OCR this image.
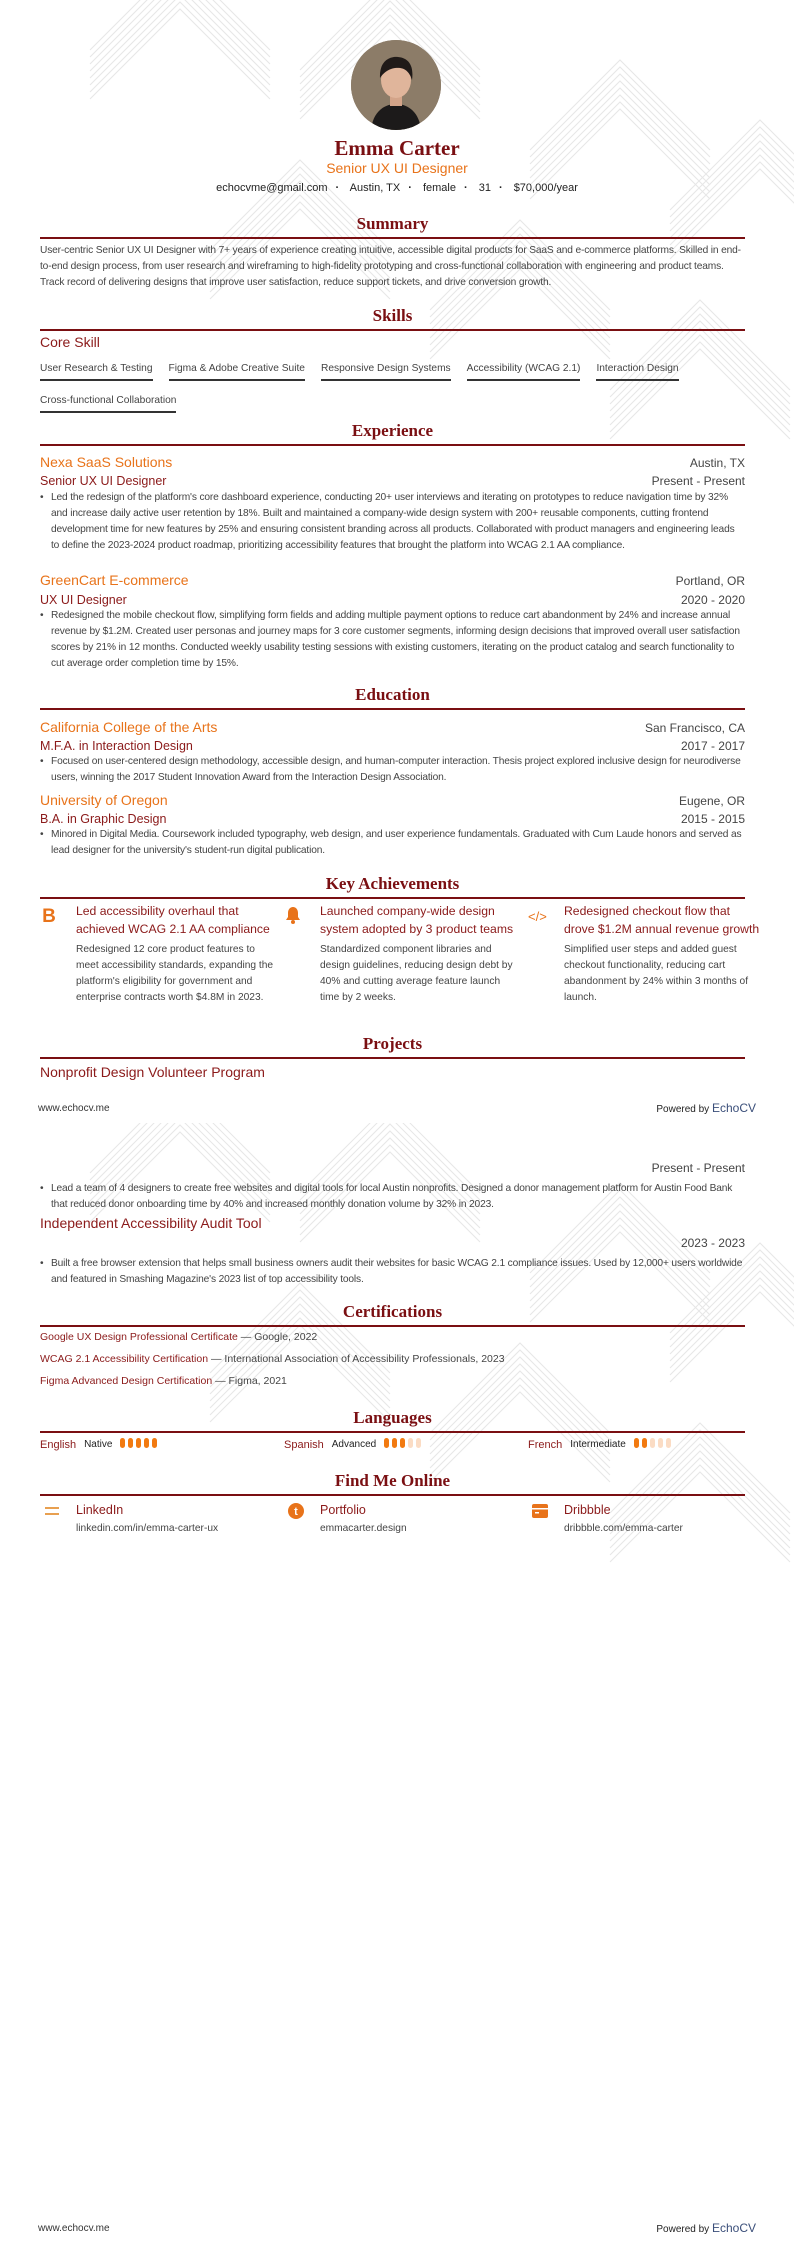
Emma Carter
Senior UX UI Designer
echocvme@gmail.com · Austin, TX · female · 31 · $70,000/year
Summary
User-centric Senior UX UI Designer with 7+ years of experience creating intuitive, accessible digital products for SaaS and e-commerce platforms. Skilled in end-to-end design process, from user research and wireframing to high-fidelity prototyping and cross-functional collaboration with engineering and product teams. Track record of delivering designs that improve user satisfaction, reduce support tickets, and drive conversion growth.
Skills
Core Skill
User Research & Testing Figma & Adobe Creative Suite Responsive Design Systems Accessibility (WCAG 2.1) Interaction DesignCross-functional Collaboration
Experience
Nexa SaaS Solutions	Austin, TX
Senior UX UI Designer	Present - Present
• Led the redesign of the platform's core dashboard experience, conducting 20+ user interviews and iterating on prototypes to reduce navigation time by 32% and increase daily active user retention by 18%. Built and maintained a company-wide design system with 200+ reusable components, cutting frontend development time for new features by 25% and ensuring consistent branding across all products. Collaborated with product managers and engineering leads to define the 2023-2024 product roadmap, prioritizing accessibility features that brought the platform into WCAG 2.1 AA compliance.
GreenCart E-commerce	Portland, OR
UX UI Designer	2020 - 2020
• Redesigned the mobile checkout flow, simplifying form fields and adding multiple payment options to reduce cart abandonment by 24% and increase annual revenue by $1.2M. Created user personas and journey maps for 3 core customer segments, informing design decisions that improved overall user satisfaction scores by 21% in 12 months. Conducted weekly usability testing sessions with existing customers, iterating on the product catalog and search functionality to cut average order completion time by 15%.
Education
California College of the Arts	San Francisco, CA
M.F.A. in Interaction Design	2017 - 2017
• Focused on user-centered design methodology, accessible design, and human-computer interaction. Thesis project explored inclusive design for neurodiverse users, winning the 2017 Student Innovation Award from the Interaction Design Association.
University of Oregon	Eugene, OR
B.A. in Graphic Design	2015 - 2015
• Minored in Digital Media. Coursework included typography, web design, and user experience fundamentals. Graduated with Cum Laude honors and served as lead designer for the university's student-run digital publication.
Key Achievements
B Led accessibility overhaul that achieved WCAG 2.1 AA compliance
Redesigned 12 core product features to meet accessibility standards, expanding the platform's eligibility for government and enterprise contracts worth $4.8M in 2023.
Launched company-wide design system adopted by 3 product teams
Standardized component libraries and design guidelines, reducing design debt by 40% and cutting average feature launch time by 2 weeks.
</> Redesigned checkout flow that drove $1.2M annual revenue growth
Simplified user steps and added guest checkout functionality, reducing cart abandonment by 24% within 3 months of launch.
Projects
Nonprofit Design Volunteer Program
Present - Present
• Lead a team of 4 designers to create free websites and digital tools for local Austin nonprofits. Designed a donor management platform for Austin Food Bank that reduced donor onboarding time by 40% and increased monthly donation volume by 32% in 2023.
Independent Accessibility Audit Tool
2023 - 2023
• Built a free browser extension that helps small business owners audit their websites for basic WCAG 2.1 compliance issues. Used by 12,000+ users worldwide and featured in Smashing Magazine's 2023 list of top accessibility tools.
www.echocv.me	Powered by EchoCV
Certifications
Google UX Design Professional Certificate — Google, 2022
WCAG 2.1 Accessibility Certification — International Association of Accessibility Professionals, 2023
Figma Advanced Design Certification — Figma, 2021
Languages
English Native	Spanish Advanced	French Intermediate
Find Me Online
LinkedIn
linkedin.com/in/emma-carter-ux
t Portfolio
emmacarter.design
Dribbble
dribbble.com/emma-carter
www.echocv.me	Powered by EchoCV
